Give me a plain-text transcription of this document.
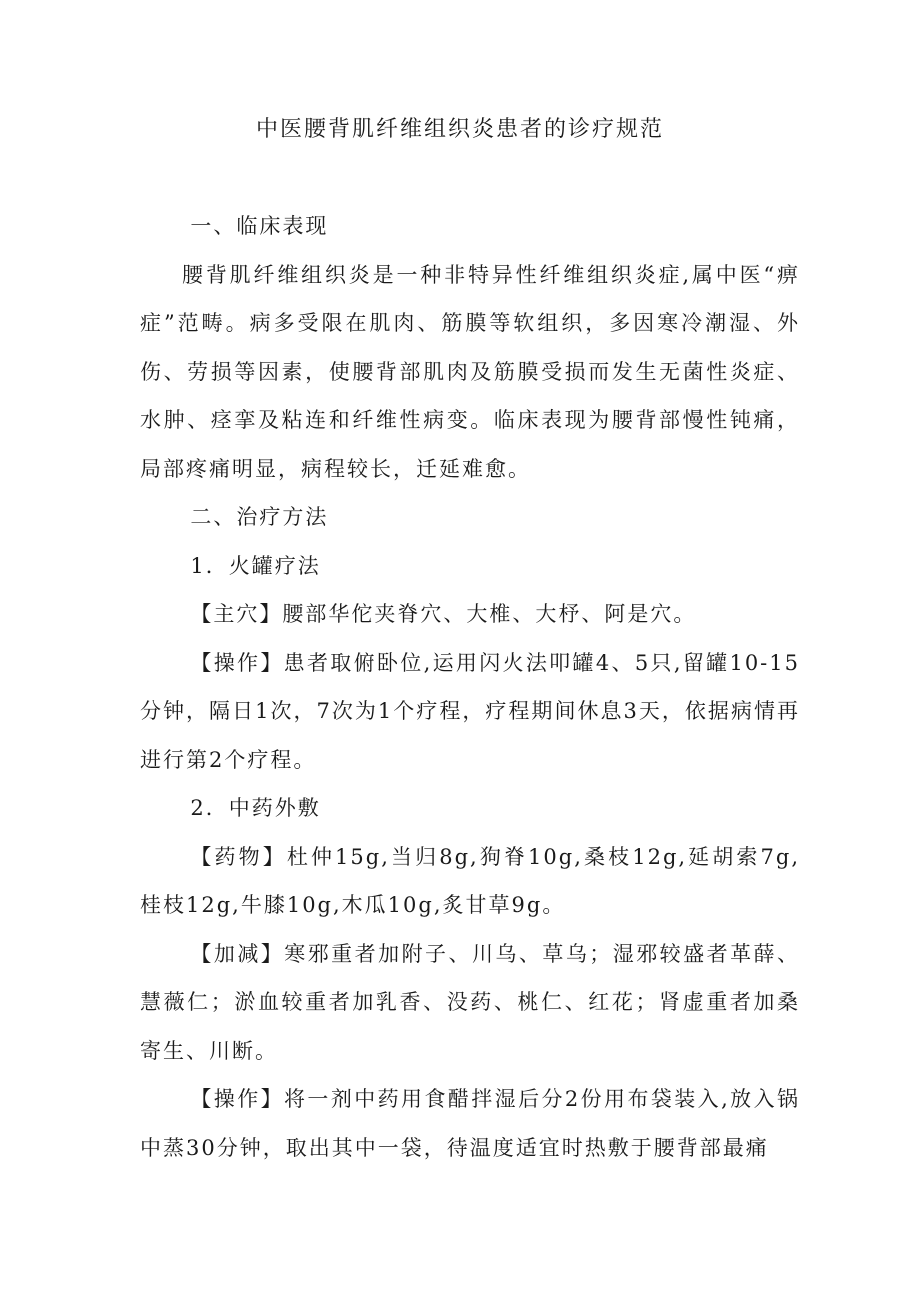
中医腰背肌纤维组织炎患者的诊疗规范

一、临床表现

腰背肌纤维组织炎是一种非特异性纤维组织炎症,属中医“痹症”范畴。病多受限在肌肉、筋膜等软组织，多因寒冷潮湿、外伤、劳损等因素，使腰背部肌肉及筋膜受损而发生无菌性炎症、水肿、痉挛及粘连和纤维性病变。临床表现为腰背部慢性钝痛，局部疼痛明显，病程较长，迁延难愈。

二、治疗方法

1．火罐疗法

【主穴】腰部华佗夹脊穴、大椎、大杼、阿是穴。

【操作】患者取俯卧位,运用闪火法叩罐4、5只,留罐10-15分钟，隔日1次，7次为1个疗程，疗程期间休息3天，依据病情再进行第2个疗程。

2．中药外敷

【药物】杜仲15g,当归8g,狗脊10g,桑枝12g,延胡索7g,桂枝12g,牛膝10g,木瓜10g,炙甘草9g。

【加减】寒邪重者加附子、川乌、草乌；湿邪较盛者革薛、慧薇仁；淤血较重者加乳香、没药、桃仁、红花；肾虚重者加桑寄生、川断。

【操作】将一剂中药用食醋拌湿后分2份用布袋装入,放入锅中蒸30分钟，取出其中一袋，待温度适宜时热敷于腰背部最痛
